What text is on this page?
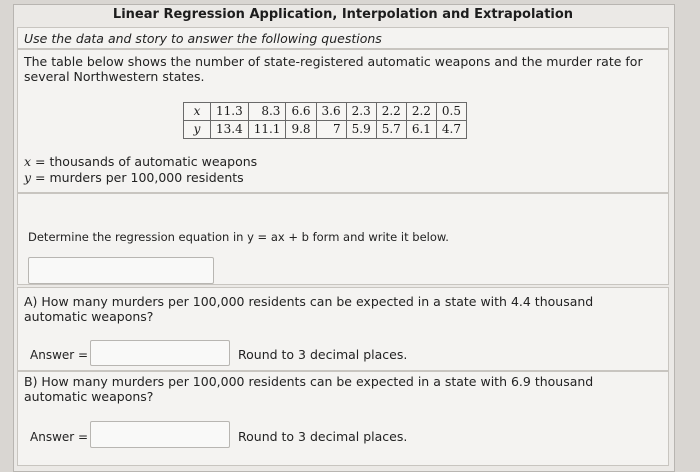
Linear Regression Application, Interpolation and Extrapolation
Use the data and story to answer the following questions

The table below shows the number of state-registered automatic weapons and the murder rate for several Northwestern states.

x	11.3	8.3	6.6	3.6	2.3	2.2	2.2	0.5
y	13.4	11.1	9.8	7	5.9	5.7	6.1	4.7
x = thousands of automatic weapons
y = murders per 100,000 residents
Determine the regression equation in y = ax + b form and write it below.
A) How many murders per 100,000 residents can be expected in a state with 4.4 thousand automatic weapons?
Answer =	Round to 3 decimal places.
B) How many murders per 100,000 residents can be expected in a state with 6.9 thousand automatic weapons?
Answer =	Round to 3 decimal places.
